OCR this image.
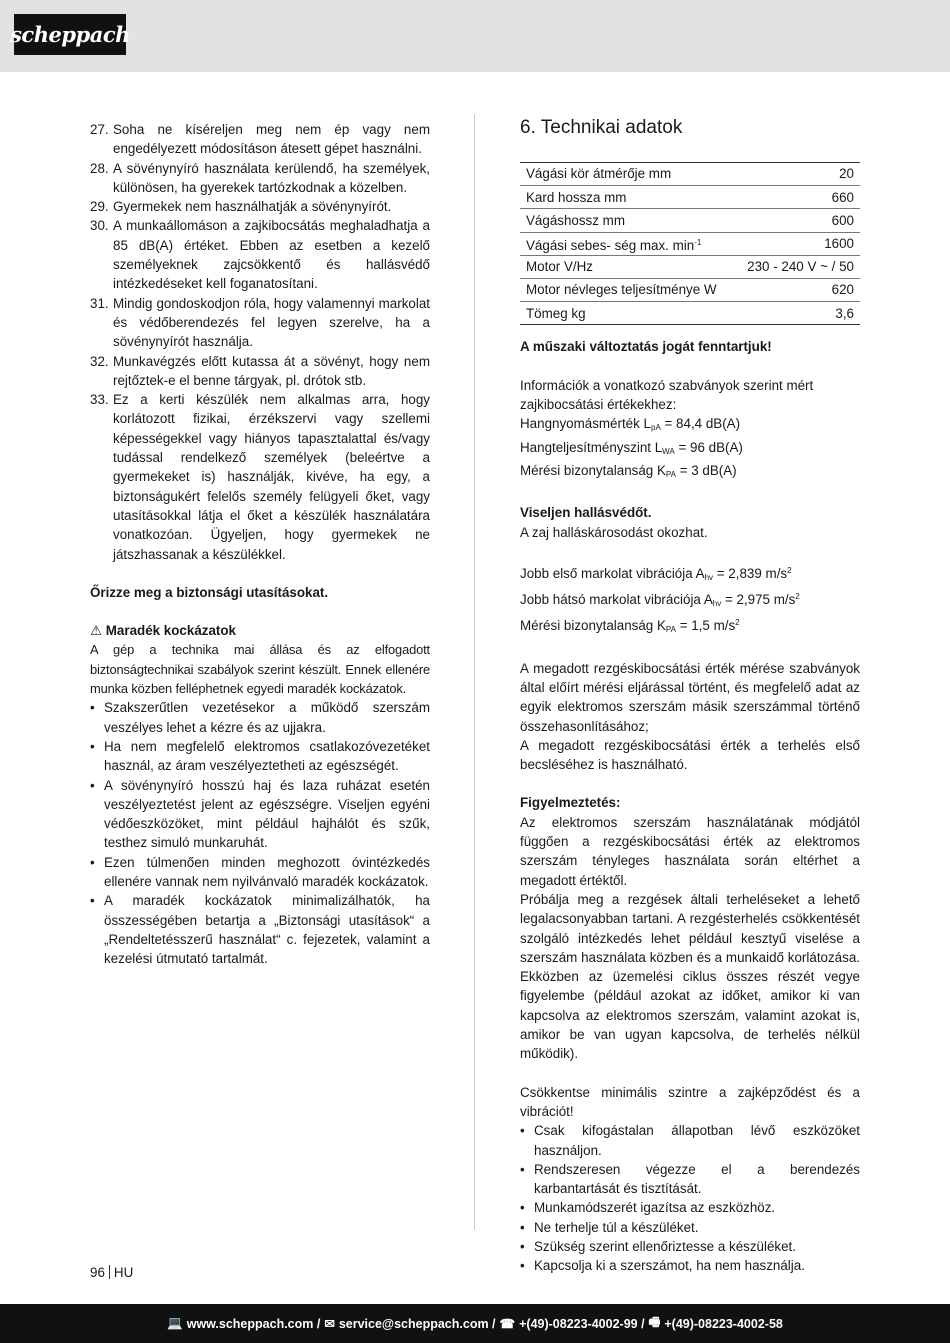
scheppach
27. Soha ne kíséreljen meg nem ép vagy nem engedélyezett módosításon átesett gépet használni.
28. A sövénynyíró használata kerülendő, ha személyek, különösen, ha gyerekek tartózkodnak a közelben.
29. Gyermekek nem használhatják a sövénynyírót.
30. A munkaállomáson a zajkibocsátás meghaladhatja a 85 dB(A) értéket. Ebben az esetben a kezelő személyeknek zajcsökkentő és hallásvédő intézkedéseket kell foganatosítani.
31. Mindig gondoskodjon róla, hogy valamennyi markolat és védőberendezés fel legyen szerelve, ha a sövénynyírót használja.
32. Munkavégzés előtt kutassa át a sövényt, hogy nem rejtőztek-e el benne tárgyak, pl. drótok stb.
33. Ez a kerti készülék nem alkalmas arra, hogy korlátozott fizikai, érzékszervi vagy szellemi képességekkel vagy hiányos tapasztalattal és/vagy tudással rendelkező személyek (beleértve a gyermekeket is) használják, kivéve, ha egy, a biztonságukért felelős személy felügyeli őket, vagy utasításokkal látja el őket a készülék használatára vonatkozóan. Ügyeljen, hogy gyermekek ne játszhassanak a készülékkel.
Őrizze meg a biztonsági utasításokat.
⚠ Maradék kockázatok
A gép a technika mai állása és az elfogadott biztonságtechnikai szabályok szerint készült. Ennek ellenére munka közben felléphetnek egyedi maradék kockázatok.
• Szakszerűtlen vezetésekor a működő szerszám veszélyes lehet a kézre és az ujjakra.
• Ha nem megfelelő elektromos csatlakozóvezetéket használ, az áram veszélyeztetheti az egészségét.
• A sövénynyíró hosszú haj és laza ruházat esetén veszélyeztetést jelent az egészségre. Viseljen egyéni védőeszközöket, mint például hajhálót és szűk, testhez simuló munkaruhát.
• Ezen túlmenően minden meghozott óvintézkedés ellenére vannak nem nyilvánvaló maradék kockázatok.
• A maradék kockázatok minimalizálhatók, ha összességében betartja a „Biztonsági utasítások“ a „Rendeltetésszerű használat“ c. fejezetek, valamint a kezelési útmutató tartalmát.
6. Technikai adatok
Vágási kör átmérője mm	20
Kard hossza mm	660
Vágáshossz mm	600
Vágási sebes- ség max. $\min^{-1}$	1600
Motor V/Hz	230 - 240 V ~ / 50
Motor névleges teljesítménye W	620
Tömeg kg	3,6
A műszaki változtatás jogát fenntartjuk!
Információk a vonatkozó szabványok szerint mért zajkibocsátási értékekhez:
Hangnyomásmérték $L_{pA} = 84,4$ dB(A)
Hangteljesítményszint $L_{WA} = 96$ dB(A)
Mérési bizonytalanság $K_{PA} = 3$ dB(A)
Viseljen hallásvédőt.
A zaj halláskárosodást okozhat.
Jobb első markolat vibrációja $A_{hv} = 2,839$ $m/s^2$
Jobb hátsó markolat vibrációja $A_{hv} = 2,975$ $m/s^2$
Mérési bizonytalanság $K_{PA} = 1,5$ $m/s^2$
A megadott rezgéskibocsátási érték mérése szabványok által előírt mérési eljárással történt, és megfelelő adat az egyik elektromos szerszám másik szerszámmal történő összehasonlításához;
A megadott rezgéskibocsátási érték a terhelés első becsléséhez is használható.
Figyelmeztetés:
Az elektromos szerszám használatának módjától függően a rezgéskibocsátási érték az elektromos szerszám tényleges használata során eltérhet a megadott értéktől.
Próbálja meg a rezgések általi terheléseket a lehető legalacsonyabban tartani. A rezgésterhelés csökkentését szolgáló intézkedés lehet például kesztyű viselése a szerszám használata közben és a munkaidő korlátozása. Ekközben az üzemelési ciklus összes részét vegye figyelembe (például azokat az időket, amikor ki van kapcsolva az elektromos szerszám, valamint azokat is, amikor be van ugyan kapcsolva, de terhelés nélkül működik).
Csökkentse minimális szintre a zajképződést és a vibrációt!
• Csak kifogástalan állapotban lévő eszközöket használjon.
• Rendszeresen végezze el a berendezés karbantartását és tisztítását.
• Munkamódszerét igazítsa az eszközhöz.
• Ne terhelje túl a készüléket.
• Szükség szerint ellenőriztesse a készüléket.
• Kapcsolja ki a szerszámot, ha nem használja.
96 HU
💻 www.scheppach.com / ✉ service@scheppach.com / ☎ +(49)-08223-4002-99 / 🖷 +(49)-08223-4002-58
